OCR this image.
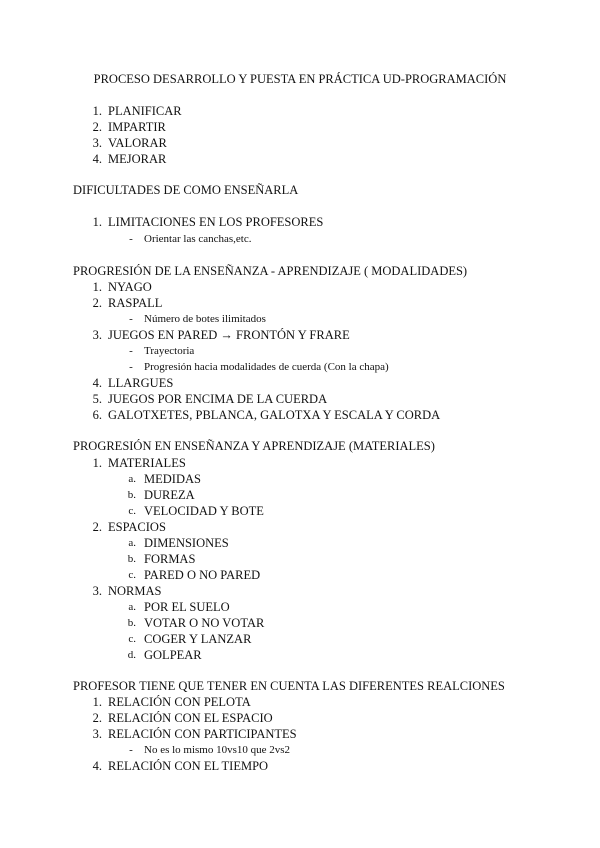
PROCESO DESARROLLO Y PUESTA EN PRÁCTICA UD-PROGRAMACIÓN
1. PLANIFICAR
2. IMPARTIR
3. VALORAR
4. MEJORAR
DIFICULTADES DE COMO ENSEÑARLA
1. LIMITACIONES EN LOS PROFESORES
- Orientar las canchas,etc.
PROGRESIÓN DE LA ENSEÑANZA - APRENDIZAJE ( MODALIDADES)
1. NYAGO
2. RASPALL
- Número de botes ilimitados
3. JUEGOS EN PARED → FRONTÓN Y FRARE
- Trayectoria
- Progresión hacia modalidades de cuerda (Con la chapa)
4. LLARGUES
5. JUEGOS POR ENCIMA DE LA CUERDA
6. GALOTXETES, PBLANCA, GALOTXA Y ESCALA Y CORDA
PROGRESIÓN EN ENSEÑANZA Y APRENDIZAJE (MATERIALES)
1. MATERIALES
a. MEDIDAS
b. DUREZA
c. VELOCIDAD Y BOTE
2. ESPACIOS
a. DIMENSIONES
b. FORMAS
c. PARED O NO PARED
3. NORMAS
a. POR EL SUELO
b. VOTAR O NO VOTAR
c. COGER Y LANZAR
d. GOLPEAR
PROFESOR TIENE QUE TENER EN CUENTA LAS DIFERENTES REALCIONES
1. RELACIÓN CON PELOTA
2. RELACIÓN CON EL ESPACIO
3. RELACIÓN CON PARTICIPANTES
- No es lo mismo 10vs10 que 2vs2
4. RELACIÓN CON EL TIEMPO
